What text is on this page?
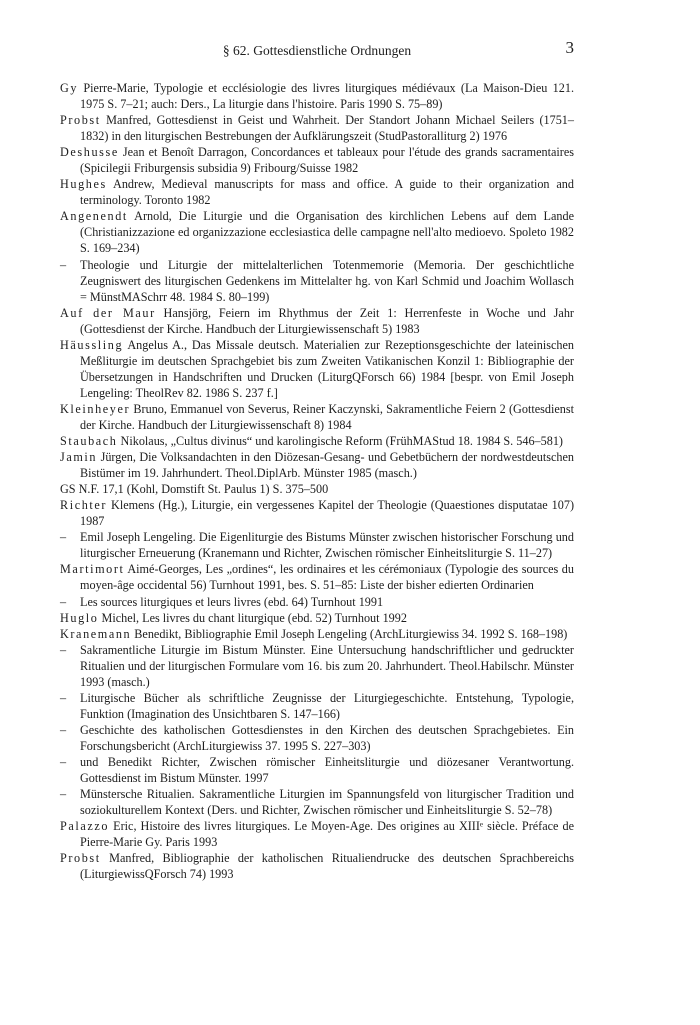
§ 62. Gottesdienstliche Ordnungen	3
Gy Pierre-Marie, Typologie et ecclésiologie des livres liturgiques médiévaux (La Maison-Dieu 121. 1975 S. 7–21; auch: Ders., La liturgie dans l'histoire. Paris 1990 S. 75–89)
Probst Manfred, Gottesdienst in Geist und Wahrheit. Der Standort Johann Michael Seilers (1751–1832) in den liturgischen Bestrebungen der Aufklärungszeit (StudPastoralliturg 2) 1976
Deshusse Jean et Benoît Darragon, Concordances et tableaux pour l'étude des grands sacramentaires (Spicilegii Friburgensis subsidia 9) Fribourg/Suisse 1982
Hughes Andrew, Medieval manuscripts for mass and office. A guide to their organization and terminology. Toronto 1982
Angenendt Arnold, Die Liturgie und die Organisation des kirchlichen Lebens auf dem Lande (Christianizzazione ed organizzazione ecclesiastica delle campagne nell'alto medioevo. Spoleto 1982 S. 169–234)
– Theologie und Liturgie der mittelalterlichen Totenmemorie (Memoria. Der geschichtliche Zeugniswert des liturgischen Gedenkens im Mittelalter hg. von Karl Schmid und Joachim Wollasch = MünstMASchrr 48. 1984 S. 80–199)
Auf der Maur Hansjörg, Feiern im Rhythmus der Zeit 1: Herrenfeste in Woche und Jahr (Gottesdienst der Kirche. Handbuch der Liturgiewissenschaft 5) 1983
Häussling Angelus A., Das Missale deutsch. Materialien zur Rezeptionsgeschichte der lateinischen Meßliturgie im deutschen Sprachgebiet bis zum Zweiten Vatikanischen Konzil 1: Bibliographie der Übersetzungen in Handschriften und Drucken (LiturgQForsch 66) 1984 [bespr. von Emil Joseph Lengeling: TheolRev 82. 1986 S. 237 f.]
Kleinheyer Bruno, Emmanuel von Severus, Reiner Kaczynski, Sakramentliche Feiern 2 (Gottesdienst der Kirche. Handbuch der Liturgiewissenschaft 8) 1984
Staubach Nikolaus, „Cultus divinus“ und karolingische Reform (FrühMAStud 18. 1984 S. 546–581)
Jamin Jürgen, Die Volksandachten in den Diözesan-Gesang- und Gebetbüchern der nordwestdeutschen Bistümer im 19. Jahrhundert. Theol.DiplArb. Münster 1985 (masch.)
GS N.F. 17,1 (Kohl, Domstift St. Paulus 1) S. 375–500
Richter Klemens (Hg.), Liturgie, ein vergessenes Kapitel der Theologie (Quaestiones disputatae 107) 1987
– Emil Joseph Lengeling. Die Eigenliturgie des Bistums Münster zwischen historischer Forschung und liturgischer Erneuerung (Kranemann und Richter, Zwischen römischer Einheitsliturgie S. 11–27)
Martimort Aimé-Georges, Les „ordines“, les ordinaires et les cérémoniaux (Typologie des sources du moyen-âge occidental 56) Turnhout 1991, bes. S. 51–85: Liste der bisher edierten Ordinarien
– Les sources liturgiques et leurs livres (ebd. 64) Turnhout 1991
Huglo Michel, Les livres du chant liturgique (ebd. 52) Turnhout 1992
Kranemann Benedikt, Bibliographie Emil Joseph Lengeling (ArchLiturgiewiss 34. 1992 S. 168–198)
– Sakramentliche Liturgie im Bistum Münster. Eine Untersuchung handschriftlicher und gedruckter Ritualien und der liturgischen Formulare vom 16. bis zum 20. Jahrhundert. Theol.Habilschr. Münster 1993 (masch.)
– Liturgische Bücher als schriftliche Zeugnisse der Liturgiegeschichte. Entstehung, Typologie, Funktion (Imagination des Unsichtbaren S. 147–166)
– Geschichte des katholischen Gottesdienstes in den Kirchen des deutschen Sprachgebietes. Ein Forschungsbericht (ArchLiturgiewiss 37. 1995 S. 227–303)
– und Benedikt Richter, Zwischen römischer Einheitsliturgie und diözesaner Verantwortung. Gottesdienst im Bistum Münster. 1997
– Münstersche Ritualien. Sakramentliche Liturgien im Spannungsfeld von liturgischer Tradition und soziokulturellem Kontext (Ders. und Richter, Zwischen römischer und Einheitsliturgie S. 52–78)
Palazzo Eric, Histoire des livres liturgiques. Le Moyen-Age. Des origines au XIIIᵉ siècle. Préface de Pierre-Marie Gy. Paris 1993
Probst Manfred, Bibliographie der katholischen Ritualiendrucke des deutschen Sprachbereichs (LiturgiewissQForsch 74) 1993
